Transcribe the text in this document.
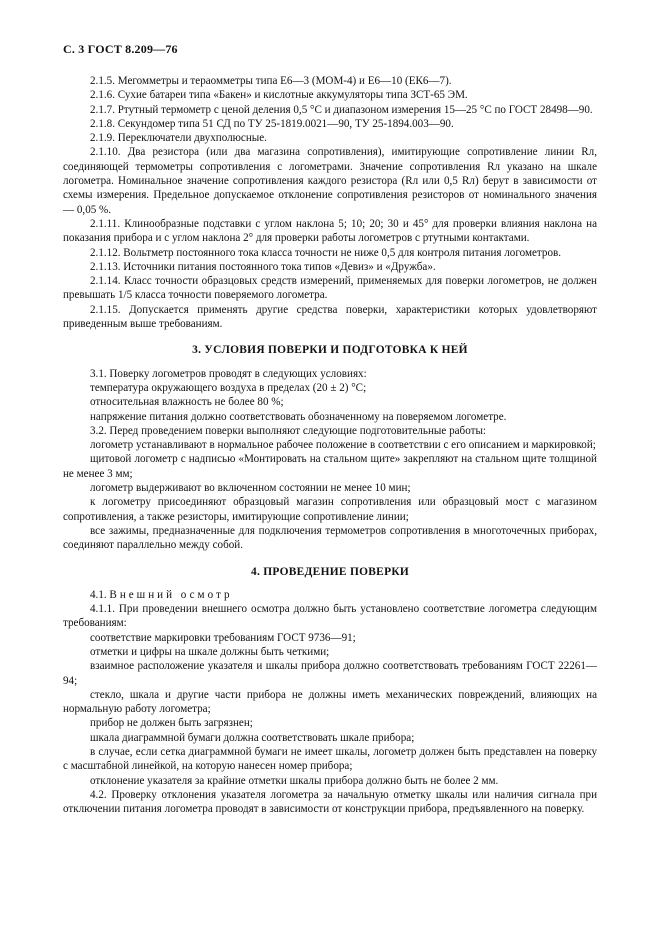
С. 3 ГОСТ 8.209—76

2.1.5. Мегомметры и тераомметры типа Е6—3 (МОМ-4) и Е6—10 (ЕК6—7).

2.1.6. Сухие батареи типа «Бакен» и кислотные аккумуляторы типа ЗСТ-65 ЭМ.

2.1.7. Ртутный термометр с ценой деления 0,5 °С и диапазоном измерения 15—25 °С по ГОСТ 28498—90.

2.1.8. Секундомер типа 51 СД по ТУ 25-1819.0021—90, ТУ 25-1894.003—90.

2.1.9. Переключатели двухполюсные.

2.1.10. Два резистора (или два магазина сопротивления), имитирующие сопротивление линии Rл, соединяющей термометры сопротивления с логометрами. Значение сопротивления Rл указано на шкале логометра. Номинальное значение сопротивления каждого резистора (Rл или 0,5 Rл) берут в зависимости от схемы измерения. Предельное допускаемое отклонение сопротивления резисторов от номинального значения — 0,05 %.

2.1.11. Клинообразные подставки с углом наклона 5; 10; 20; 30 и 45° для проверки влияния наклона на показания прибора и с углом наклона 2° для проверки работы логометров с ртутными контактами.

2.1.12. Вольтметр постоянного тока класса точности не ниже 0,5 для контроля питания логометров.

2.1.13. Источники питания постоянного тока типов «Девиз» и «Дружба».

2.1.14. Класс точности образцовых средств измерений, применяемых для поверки логометров, не должен превышать 1/5 класса точности поверяемого логометра.

2.1.15. Допускается применять другие средства поверки, характеристики которых удовлетворяют приведенным выше требованиям.

3. УСЛОВИЯ ПОВЕРКИ И ПОДГОТОВКА К НЕЙ

3.1. Поверку логометров проводят в следующих условиях:

температура окружающего воздуха в пределах (20 ± 2) °С;

относительная влажность не более 80 %;

напряжение питания должно соответствовать обозначенному на поверяемом логометре.

3.2. Перед проведением поверки выполняют следующие подготовительные работы:

логометр устанавливают в нормальное рабочее положение в соответствии с его описанием и маркировкой;

щитовой логометр с надписью «Монтировать на стальном щите» закрепляют на стальном щите толщиной не менее 3 мм;

логометр выдерживают во включенном состоянии не менее 10 мин;

к логометру присоединяют образцовый магазин сопротивления или образцовый мост с магазином сопротивления, а также резисторы, имитирующие сопротивление линии;

все зажимы, предназначенные для подключения термометров сопротивления в многоточечных приборах, соединяют параллельно между собой.

4. ПРОВЕДЕНИЕ ПОВЕРКИ

4.1. Внешний осмотр

4.1.1. При проведении внешнего осмотра должно быть установлено соответствие логометра следующим требованиям:

соответствие маркировки требованиям ГОСТ 9736—91;

отметки и цифры на шкале должны быть четкими;

взаимное расположение указателя и шкалы прибора должно соответствовать требованиям ГОСТ 22261—94;

стекло, шкала и другие части прибора не должны иметь механических повреждений, влияющих на нормальную работу логометра;

прибор не должен быть загрязнен;

шкала диаграммной бумаги должна соответствовать шкале прибора;

в случае, если сетка диаграммной бумаги не имеет шкалы, логометр должен быть представлен на поверку с масштабной линейкой, на которую нанесен номер прибора;

отклонение указателя за крайние отметки шкалы прибора должно быть не более 2 мм.

4.2. Проверку отклонения указателя логометра за начальную отметку шкалы или наличия сигнала при отключении питания логометра проводят в зависимости от конструкции прибора, предъявленного на поверку.
